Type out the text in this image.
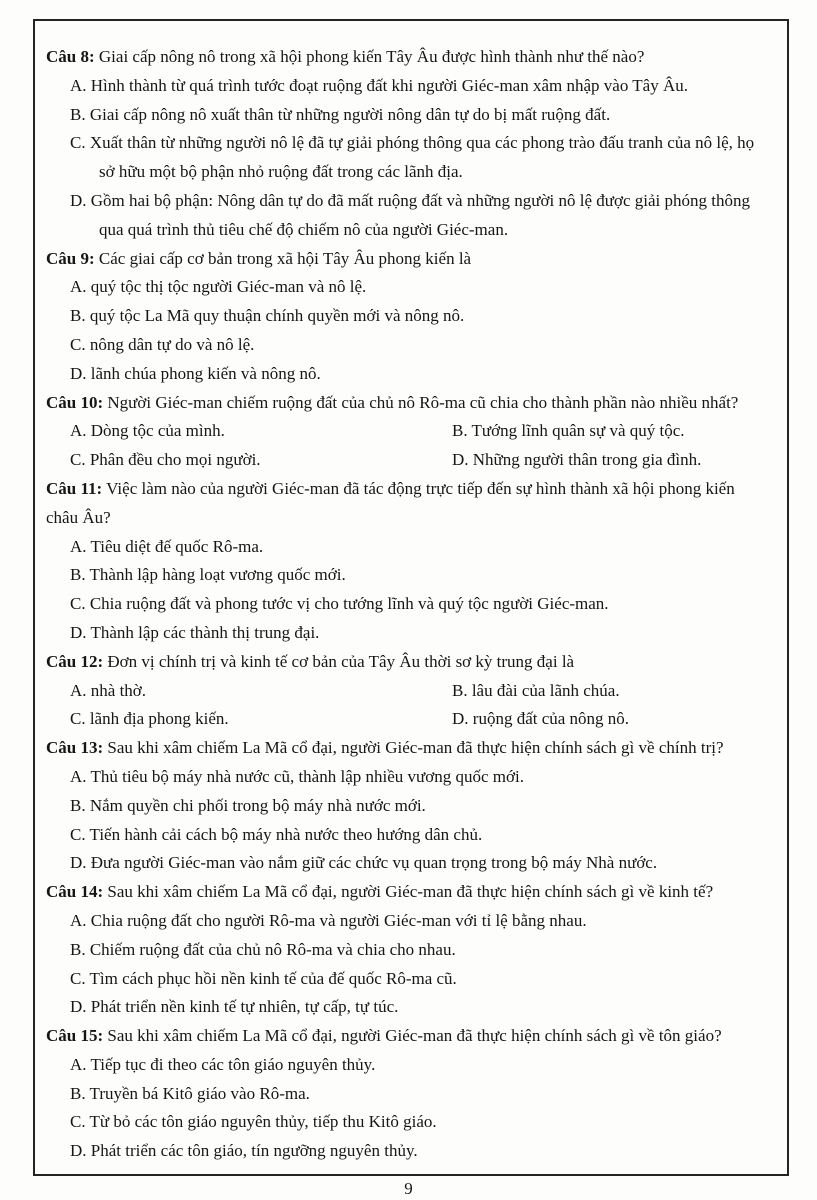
Câu 8: Giai cấp nông nô trong xã hội phong kiến Tây Âu được hình thành như thế nào?

A. Hình thành từ quá trình tước đoạt ruộng đất khi người Giéc-man xâm nhập vào Tây Âu.

B. Giai cấp nông nô xuất thân từ những người nông dân tự do bị mất ruộng đất.

C. Xuất thân từ những người nô lệ đã tự giải phóng thông qua các phong trào đấu tranh của nô lệ, họ sở hữu một bộ phận nhỏ ruộng đất trong các lãnh địa.

D. Gồm hai bộ phận: Nông dân tự do đã mất ruộng đất và những người nô lệ được giải phóng thông qua quá trình thủ tiêu chế độ chiếm nô của người Giéc-man.

Câu 9: Các giai cấp cơ bản trong xã hội Tây Âu phong kiến là

A. quý tộc thị tộc người Giéc-man và nô lệ.

B. quý tộc La Mã quy thuận chính quyền mới và nông nô.

C. nông dân tự do và nô lệ.

D. lãnh chúa phong kiến và nông nô.

Câu 10: Người Giéc-man chiếm ruộng đất của chủ nô Rô-ma cũ chia cho thành phần nào nhiều nhất?

A. Dòng tộc của mình.	B. Tướng lĩnh quân sự và quý tộc.

C. Phân đều cho mọi người.	D. Những người thân trong gia đình.

Câu 11: Việc làm nào của người Giéc-man đã tác động trực tiếp đến sự hình thành xã hội phong kiến châu Âu?

A. Tiêu diệt đế quốc Rô-ma.

B. Thành lập hàng loạt vương quốc mới.

C. Chia ruộng đất và phong tước vị cho tướng lĩnh và quý tộc người Giéc-man.

D. Thành lập các thành thị trung đại.

Câu 12: Đơn vị chính trị và kinh tế cơ bản của Tây Âu thời sơ kỳ trung đại là

A. nhà thờ.	B. lâu đài của lãnh chúa.

C. lãnh địa phong kiến.	D. ruộng đất của nông nô.

Câu 13: Sau khi xâm chiếm La Mã cổ đại, người Giéc-man đã thực hiện chính sách gì về chính trị?

A. Thủ tiêu bộ máy nhà nước cũ, thành lập nhiều vương quốc mới.

B. Nắm quyền chi phối trong bộ máy nhà nước mới.

C. Tiến hành cải cách bộ máy nhà nước theo hướng dân chủ.

D. Đưa người Giéc-man vào nắm giữ các chức vụ quan trọng trong bộ máy Nhà nước.

Câu 14: Sau khi xâm chiếm La Mã cổ đại, người Giéc-man đã thực hiện chính sách gì về kinh tế?

A. Chia ruộng đất cho người Rô-ma và người Giéc-man với tỉ lệ bằng nhau.

B. Chiếm ruộng đất của chủ nô Rô-ma và chia cho nhau.

C. Tìm cách phục hồi nền kinh tế của đế quốc Rô-ma cũ.

D. Phát triển nền kinh tế tự nhiên, tự cấp, tự túc.

Câu 15: Sau khi xâm chiếm La Mã cổ đại, người Giéc-man đã thực hiện chính sách gì về tôn giáo?

A. Tiếp tục đi theo các tôn giáo nguyên thủy.

B. Truyền bá Kitô giáo vào Rô-ma.

C. Từ bỏ các tôn giáo nguyên thủy, tiếp thu Kitô giáo.

D. Phát triển các tôn giáo, tín ngưỡng nguyên thủy.

9
